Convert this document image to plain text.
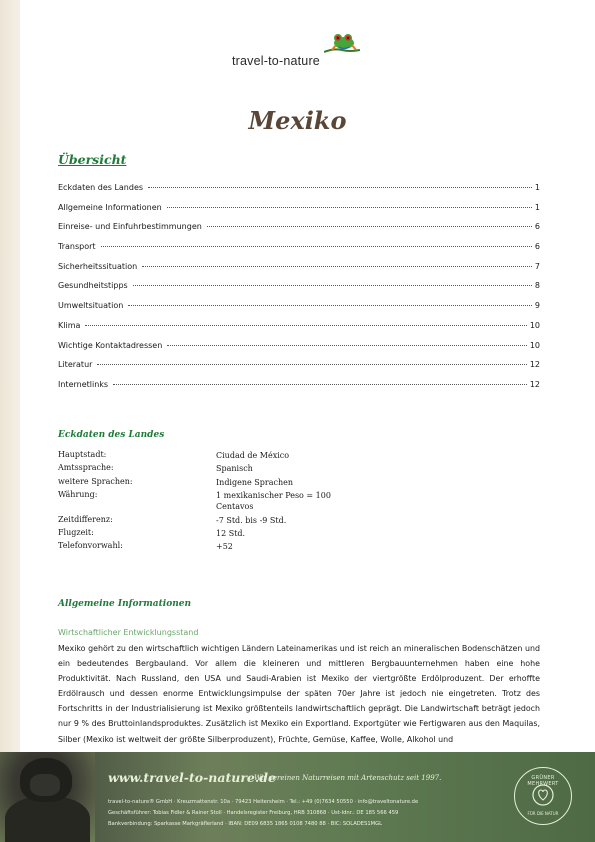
travel-to-nature
Mexiko
Übersicht
Eckdaten des Landes	1
Allgemeine Informationen	1
Einreise- und Einfuhrbestimmungen	6
Transport	6
Sicherheitssituation	7
Gesundheitstipps	8
Umweltsituation	9
Klima	10
Wichtige Kontaktadressen	10
Literatur	12
Internetlinks	12
Eckdaten des Landes
Hauptstadt:	Ciudad de México
Amtssprache:	Spanisch
weitere Sprachen:	Indigene Sprachen
Währung:	1 mexikanischer Peso = 100
Centavos
Zeitdifferenz:	-7 Std. bis -9 Std.
Flugzeit:	12 Std.
Telefonvorwahl:	+52
Allgemeine Informationen
Wirtschaftlicher Entwicklungsstand
Mexiko gehört zu den wirtschaftlich wichtigen Ländern Lateinamerikas und ist reich an mineralischen Bodenschätzen und ein bedeutendes Bergbauland. Vor allem die kleineren und mittleren Bergbauunternehmen haben eine hohe Produktivität. Nach Russland, den USA und Saudi-Arabien ist Mexiko der viertgrößte Erdölproduzent. Der erhoffte Erdölrausch und dessen enorme Entwicklungsimpulse der späten 70er Jahre ist jedoch nie eingetreten. Trotz des Fortschritts in der Industrialisierung ist Mexiko größtenteils landwirtschaftlich geprägt. Die Landwirtschaft beträgt jedoch nur 9 % des Bruttoinlandsproduktes. Zusätzlich ist Mexiko ein Exportland. Exportgüter wie Fertigwaren aus den Maquilas, Silber (Mexiko ist weltweit der größte Silberproduzent), Früchte, Gemüse, Kaffee, Wolle, Alkohol und
www.travel-to-nature.de
Wir vereinen Naturreisen mit Artenschutz seit 1997.
travel-to-nature® GmbH · Kreuzmattenstr. 10a · 79423 Heitersheim · Tel.: +49 (0)7634 50550 · info@traveltonature.de
Geschäftsführer: Tobias Fidler & Rainer Stoll · Handelsregister Freiburg, HRB 310868 · Ust-Idnr.: DE 185 566 459
Bankverbindung: Sparkasse Markgräflerland · IBAN: DE09 6835 1865 0108 7480 88 · BIC: SOLADES1MGL
GRÜNER MEHRWERT
FÜR DIE NATUR
